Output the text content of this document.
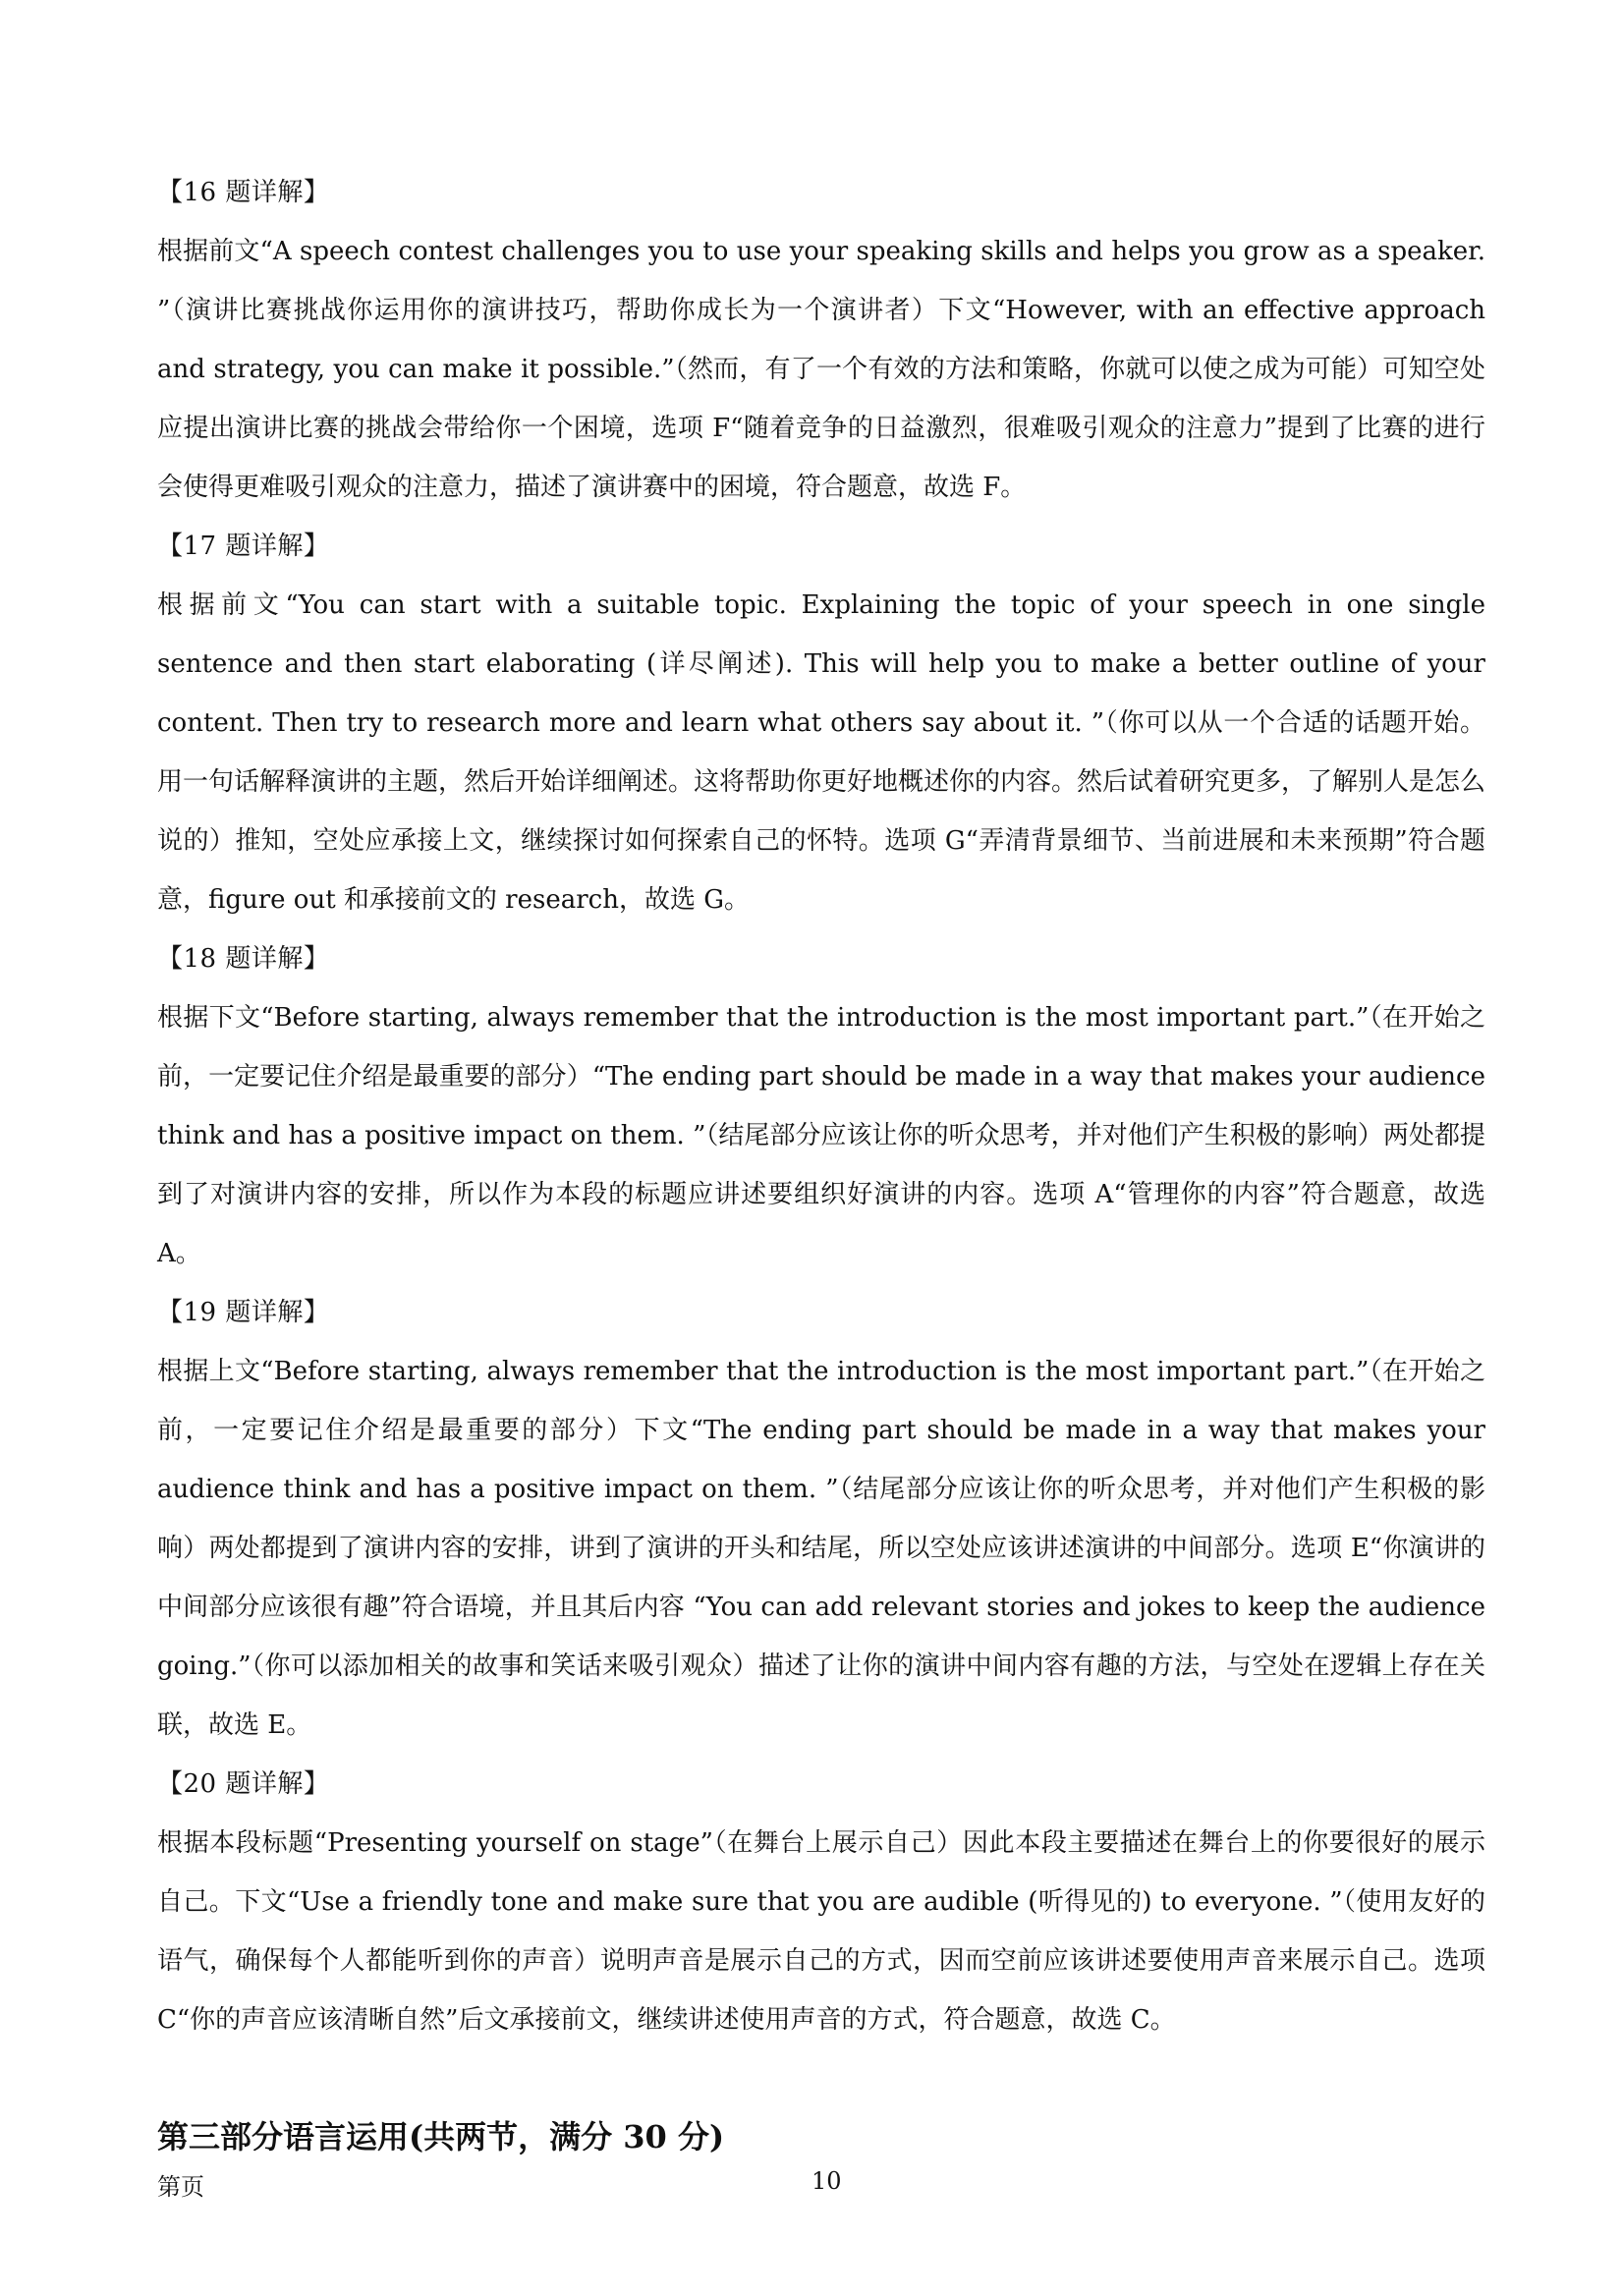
【16 题详解】

根据前文“A speech contest challenges you to use your speaking skills and helps you grow as a speaker. ”（演讲比赛挑战你运用你的演讲技巧，帮助你成长为一个演讲者）下文“However, with an effective approach and strategy, you can make it possible.”（然而，有了一个有效的方法和策略，你就可以使之成为可能）可知空处应提出演讲比赛的挑战会带给你一个困境，选项 F“随着竞争的日益激烈，很难吸引观众的注意力”提到了比赛的进行会使得更难吸引观众的注意力，描述了演讲赛中的困境，符合题意，故选 F。

【17 题详解】

根据前文“You can start with a suitable topic. Explaining the topic of your speech in one single sentence and then start elaborating (详尽阐述). This will help you to make a better outline of your content. Then try to research more and learn what others say about it. ”（你可以从一个合适的话题开始。用一句话解释演讲的主题，然后开始详细阐述。这将帮助你更好地概述你的内容。然后试着研究更多，了解别人是怎么说的）推知，空处应承接上文，继续探讨如何探索自己的怀特。选项 G“弄清背景细节、当前进展和未来预期”符合题意，figure out 和承接前文的 research，故选 G。

【18 题详解】

根据下文“Before starting, always remember that the introduction is the most important part.”（在开始之前，一定要记住介绍是最重要的部分）“The ending part should be made in a way that makes your audience think and has a positive impact on them. ”（结尾部分应该让你的听众思考，并对他们产生积极的影响）两处都提到了对演讲内容的安排，所以作为本段的标题应讲述要组织好演讲的内容。选项 A“管理你的内容”符合题意，故选 A。

【19 题详解】

根据上文“Before starting, always remember that the introduction is the most important part.”（在开始之前，一定要记住介绍是最重要的部分）下文“The ending part should be made in a way that makes your audience think and has a positive impact on them. ”（结尾部分应该让你的听众思考，并对他们产生积极的影响）两处都提到了演讲内容的安排，讲到了演讲的开头和结尾，所以空处应该讲述演讲的中间部分。选项 E“你演讲的中间部分应该很有趣”符合语境，并且其后内容 “You can add relevant stories and jokes to keep the audience going.”（你可以添加相关的故事和笑话来吸引观众）描述了让你的演讲中间内容有趣的方法，与空处在逻辑上存在关联，故选 E。

【20 题详解】

根据本段标题“Presenting yourself on stage”（在舞台上展示自己）因此本段主要描述在舞台上的你要很好的展示自己。下文“Use a friendly tone and make sure that you are audible (听得见的) to everyone. ”（使用友好的语气，确保每个人都能听到你的声音）说明声音是展示自己的方式，因而空前应该讲述要使用声音来展示自己。选项 C“你的声音应该清晰自然”后文承接前文，继续讲述使用声音的方式，符合题意，故选 C。

第三部分语言运用(共两节，满分 30 分)
第页	10
